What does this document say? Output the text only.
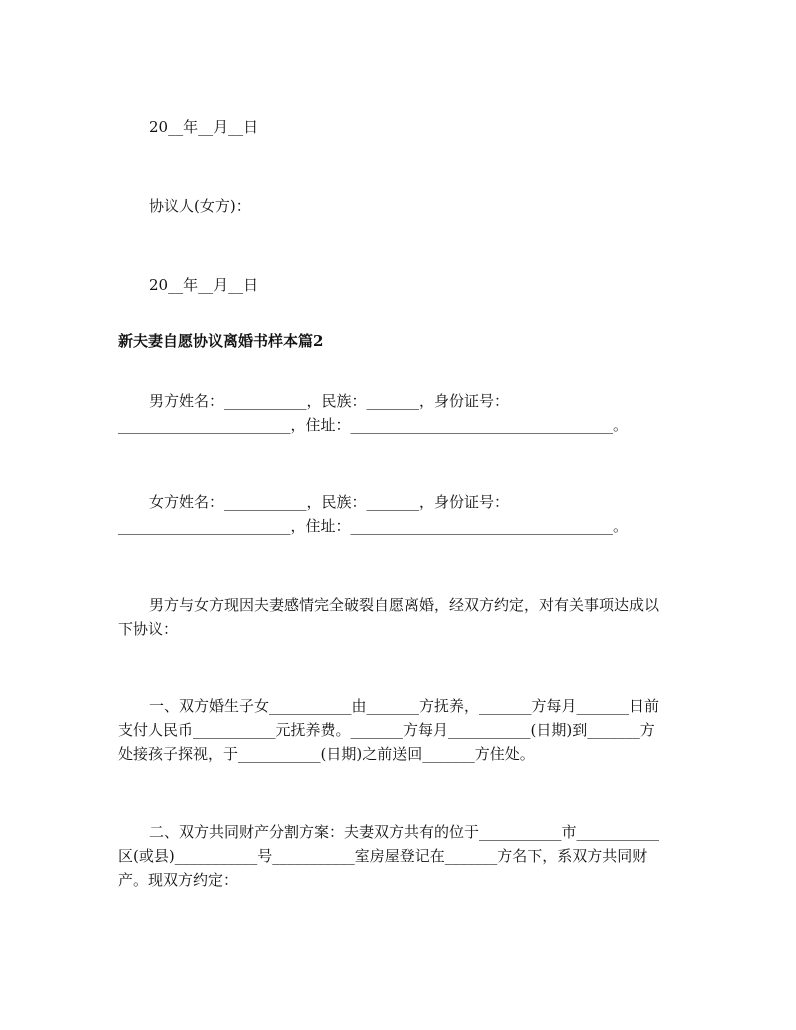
20__年__月__日
协议人(女方)：
20__年__月__日
新夫妻自愿协议离婚书样本篇2
男方姓名：___________，民族：_______，身份证号：
_______________________，住址：___________________________________。
女方姓名：___________，民族：_______，身份证号：
_______________________，住址：___________________________________。
男方与女方现因夫妻感情完全破裂自愿离婚，经双方约定，对有关事项达成以
下协议：
一、双方婚生子女___________由_______方抚养，_______方每月_______日前
支付人民币___________元抚养费。_______方每月___________(日期)到_______方
处接孩子探视，于___________(日期)之前送回_______方住处。
二、双方共同财产分割方案：夫妻双方共有的位于___________市___________
区(或县)___________号___________室房屋登记在_______方名下，系双方共同财
产。现双方约定：
